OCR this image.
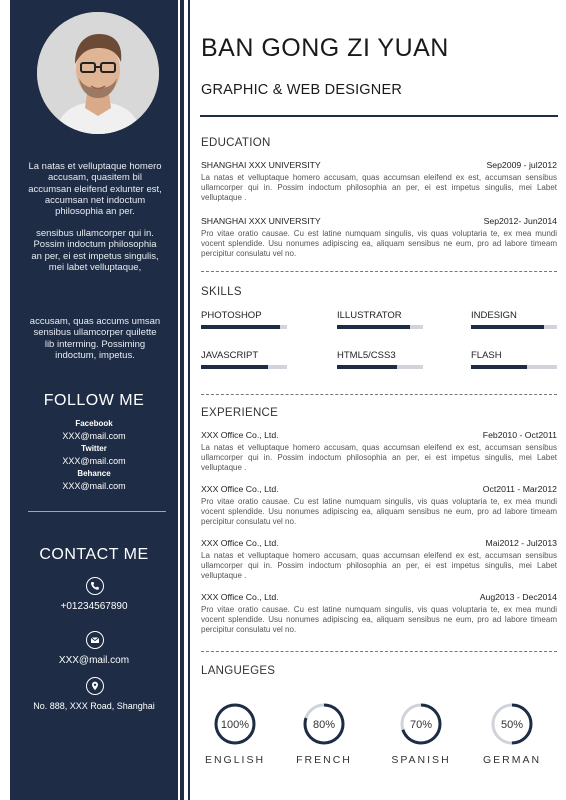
La natas et velluptaque homero accusam, quasitem bil accumsan eleifend exlunter est, accumsan net indoctum philosophia an per.
sensibus ullamcorper qui in. Possim indoctum philosophia an per, ei est impetus singulis, mei labet velluptaque,
accusam, quas accums umsan sensibus ullamcorper quilette lib interming. Possiming indoctum, impetus.
FOLLOW ME
Facebook
XXX@mail.com
Twitter
XXX@mail.com
Behance
XXX@mail.com
CONTACT ME
+01234567890
XXX@mail.com
No. 888, XXX Road, Shanghai
BAN GONG ZI YUAN
GRAPHIC & WEB DESIGNER
EDUCATION
SHANGHAI XXX UNIVERSITY	Sep2009 - jul2012
La natas et velluptaque homero accusam, quas accumsan eleifend ex est, accumsan sensibus ullamcorper qui in. Possim indoctum philosophia an per, ei est impetus singulis, mei Labet velluptaque .
SHANGHAI XXX UNIVERSITY	Sep2012- Jun2014
Pro vitae oratio causae. Cu est latine numquam singulis, vis quas voluptaria te, ex mea mundi vocent splendide. Usu nonumes adipiscing ea, aliquam sensibus ne eum, pro ad labore timeam percipitur consulatu vel no.
SKILLS
PHOTOSHOP	ILLUSTRATOR	INDESIGN
JAVASCRIPT	HTML5/CSS3	FLASH
EXPERIENCE
XXX Office Co., Ltd.	Feb2010 - Oct2011
La natas et velluptaque homero accusam, quas accumsan eleifend ex est, accumsan sensibus ullamcorper qui in. Possim indoctum philosophia an per, ei est impetus singulis, mei Labet velluptaque .
XXX Office Co., Ltd.	Oct2011 - Mar2012
Pro vitae oratio causae. Cu est latine numquam singulis, vis quas voluptaria te, ex mea mundi vocent splendide. Usu nonumes adipiscing ea, aliquam sensibus ne eum, pro ad labore timeam percipitur consulatu vel no.
XXX Office Co., Ltd.	Mai2012 - Jul2013
La natas et velluptaque homero accusam, quas accumsan eleifend ex est, accumsan sensibus ullamcorper qui in. Possim indoctum philosophia an per, ei est impetus singulis, mei Labet velluptaque .
XXX Office Co., Ltd.	Aug2013 - Dec2014
Pro vitae oratio causae. Cu est latine numquam singulis, vis quas voluptaria te, ex mea mundi vocent splendide. Usu nonumes adipiscing ea, aliquam sensibus ne eum, pro ad labore timeam percipitur consulatu vel no.
LANGUEGES
100%
ENGLISH
80%
FRENCH
70%
SPANISH
50%
GERMAN
